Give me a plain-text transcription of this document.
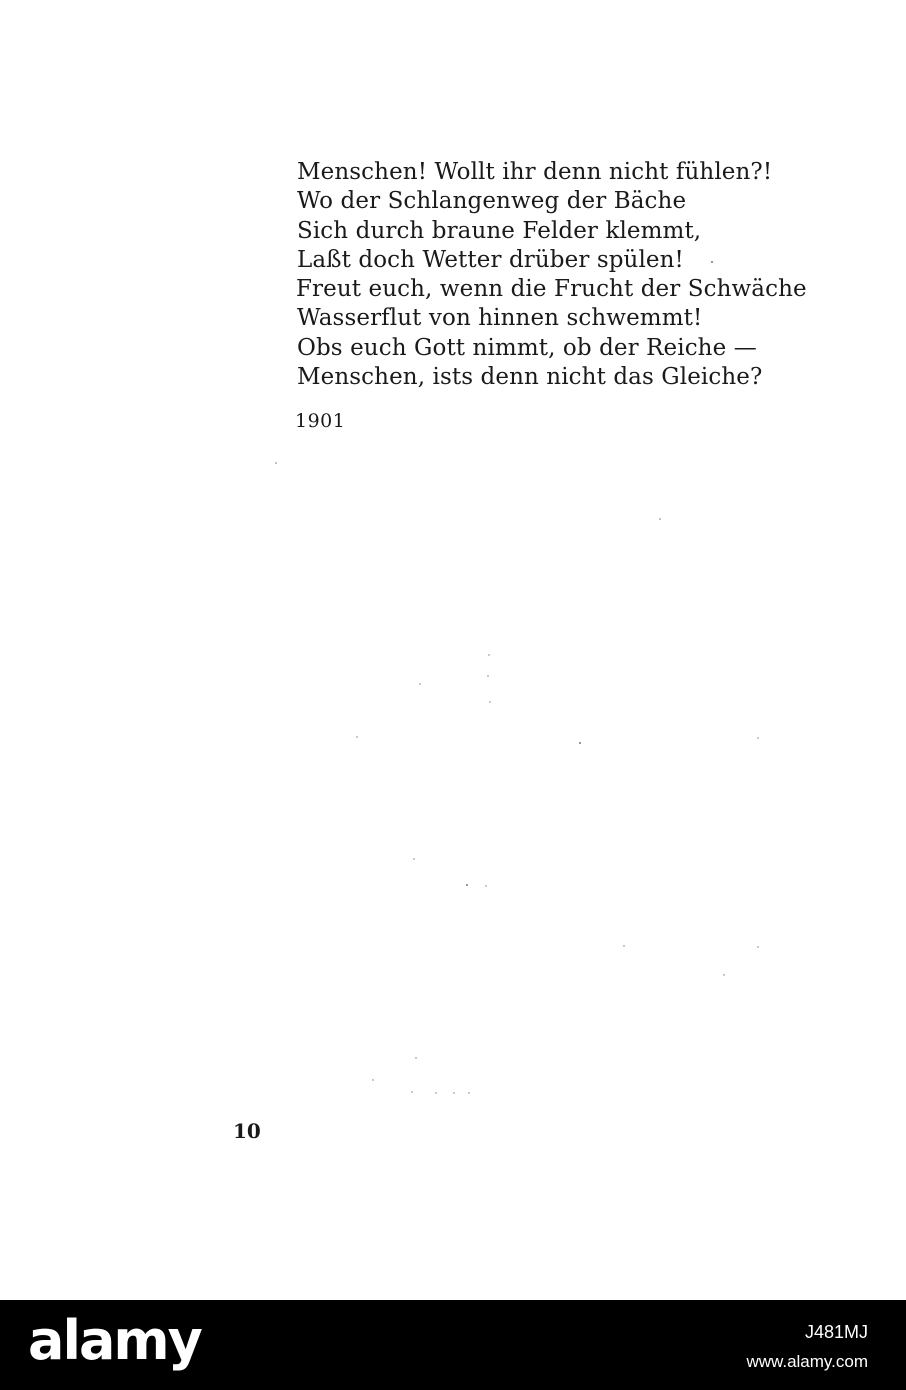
Menschen! Wollt ihr denn nicht fühlen?!
Wo der Schlangenweg der Bäche
Sich durch braune Felder klemmt,
Laßt doch Wetter drüber spülen!
Freut euch, wenn die Frucht der Schwäche
Wasserflut von hinnen schwemmt!
Obs euch Gott nimmt, ob der Reiche —
Menschen, ists denn nicht das Gleiche?
1901
10
alamy	J481MJ
www.alamy.com
